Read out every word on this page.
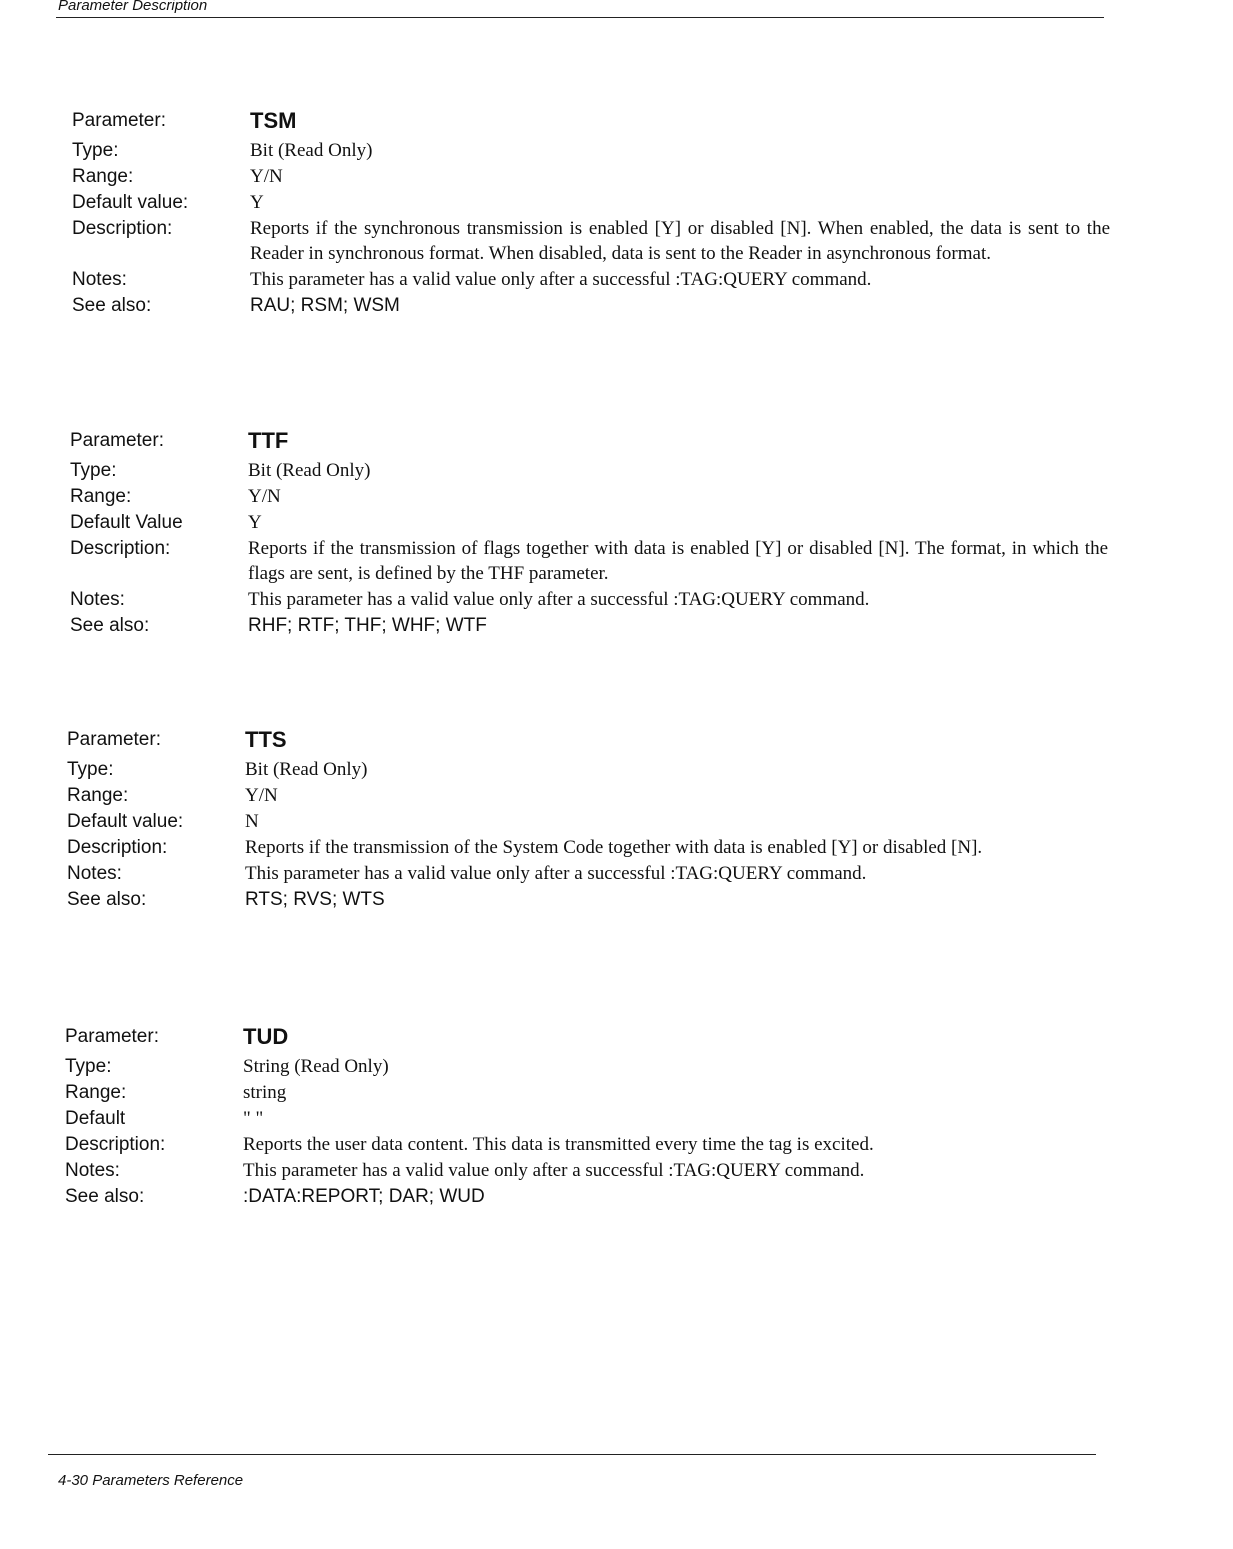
Parameter Description
Parameter:	TSM
Type:	Bit (Read Only)
Range:	Y/N
Default value:	Y
Description:	Reports if the synchronous transmission is enabled [Y] or disabled [N]. When enabled, the data is sent to the Reader in synchronous format. When disabled, data is sent to the Reader in asynchronous format.
Notes:	This parameter has a valid value only after a successful :TAG:QUERY command.
See also:	RAU; RSM; WSM
Parameter:	TTF
Type:	Bit (Read Only)
Range:	Y/N
Default Value	Y
Description:	Reports if the transmission of flags together with data is enabled [Y] or disabled [N]. The format, in which the flags are sent, is defined by the THF parameter.
Notes:	This parameter has a valid value only after a successful :TAG:QUERY command.
See also:	RHF; RTF; THF; WHF; WTF
Parameter:	TTS
Type:	Bit (Read Only)
Range:	Y/N
Default value:	N
Description:	Reports if the transmission of the System Code together with data is enabled [Y] or disabled [N].
Notes:	This parameter has a valid value only after a successful :TAG:QUERY command.
See also:	RTS; RVS; WTS
Parameter:	TUD
Type:	String (Read Only)
Range:	string
Default	" "
Description:	Reports the user data content. This data is transmitted every time the tag is excited.
Notes:	This parameter has a valid value only after a successful :TAG:QUERY command.
See also:	:DATA:REPORT; DAR; WUD
4-30 Parameters Reference
